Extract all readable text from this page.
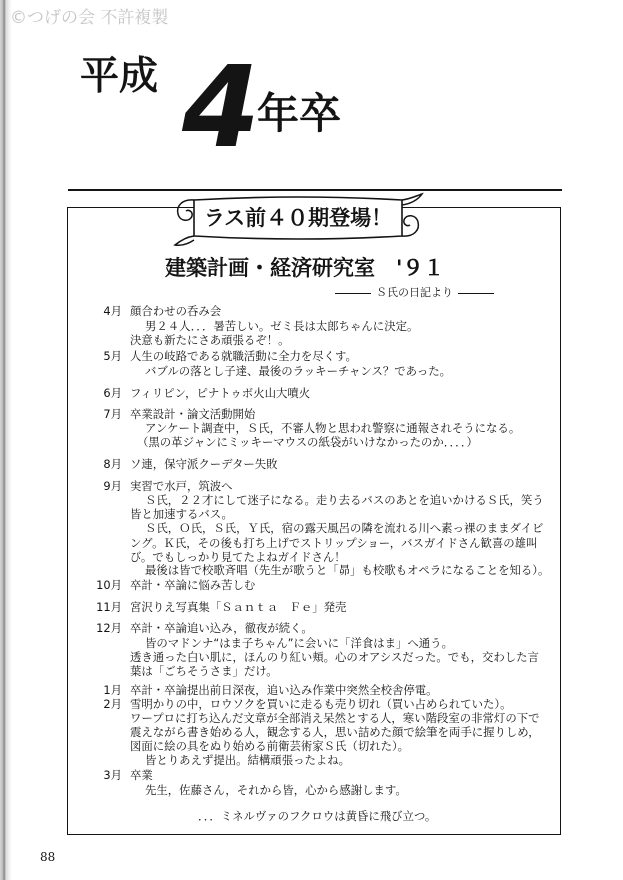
©つげの会 不許複製
平成 4
年卒
ラス前４０期登場！
建築計画・経済研究室　'９１
Ｓ氏の日記より
4月 顔合わせの呑み会
男２４人．．．暑苦しい。ゼミ長は太郎ちゃんに決定。
決意も新たにさあ頑張るぞ！。
5月 人生の岐路である就職活動に全力を尽くす。
バブルの落とし子達、最後のラッキーチャンス？であった。
6月 フィリピン，ピナトゥボ火山大噴火
7月 卒業設計・論文活動開始
アンケート調査中，Ｓ氏，不審人物と思われ警察に通報されそうになる。
（黒の革ジャンにミッキーマウスの紙袋がいけなかったのか．．．．）
8月 ソ連，保守派クーデター失敗
9月 実習で水戸，筑波へ
Ｓ氏，２２才にして迷子になる。走り去るバスのあとを追いかけるＳ氏，笑う
皆と加速するバス。
Ｓ氏，Ｏ氏，Ｓ氏，Ｙ氏，宿の露天風呂の隣を流れる川へ素っ裸のままダイビ
ング。Ｋ氏，その後も打ち上げでストリップショー，バスガイドさん歓喜の雄叫
び。でもしっかり見てたよねガイドさん！
最後は皆で校歌斉唱（先生が歌うと「昴」も校歌もオペラになることを知る）。
10月 卒計・卒論に悩み苦しむ
11月 宮沢りえ写真集「Ｓａｎｔａ　Ｆｅ」発売
12月 卒計・卒論追い込み，徹夜が続く。
皆のマドンナ“はま子ちゃん”に会いに「洋食はま」へ通う。
透き通った白い肌に，ほんのり紅い頬。心のオアシスだった。でも，交わした言
葉は「ごちそうさま」だけ。
1月 卒計・卒論提出前日深夜，追い込み作業中突然全校舎停電。
2月 雪明かりの中，ロウソクを買いに走るも売り切れ（買い占められていた）。
ワープロに打ち込んだ文章が全部消え呆然とする人，寒い階段室の非常灯の下で
震えながら書き始める人，観念する人，思い詰めた顔で絵筆を両手に握りしめ，
図面に絵の具をぬり始める前衛芸術家Ｓ氏（切れた）。
皆とりあえず提出。結構頑張ったよね。
3月 卒業
先生，佐藤さん，それから皆，心から感謝します。
．．．ミネルヴァのフクロウは黄昏に飛び立つ。
88
